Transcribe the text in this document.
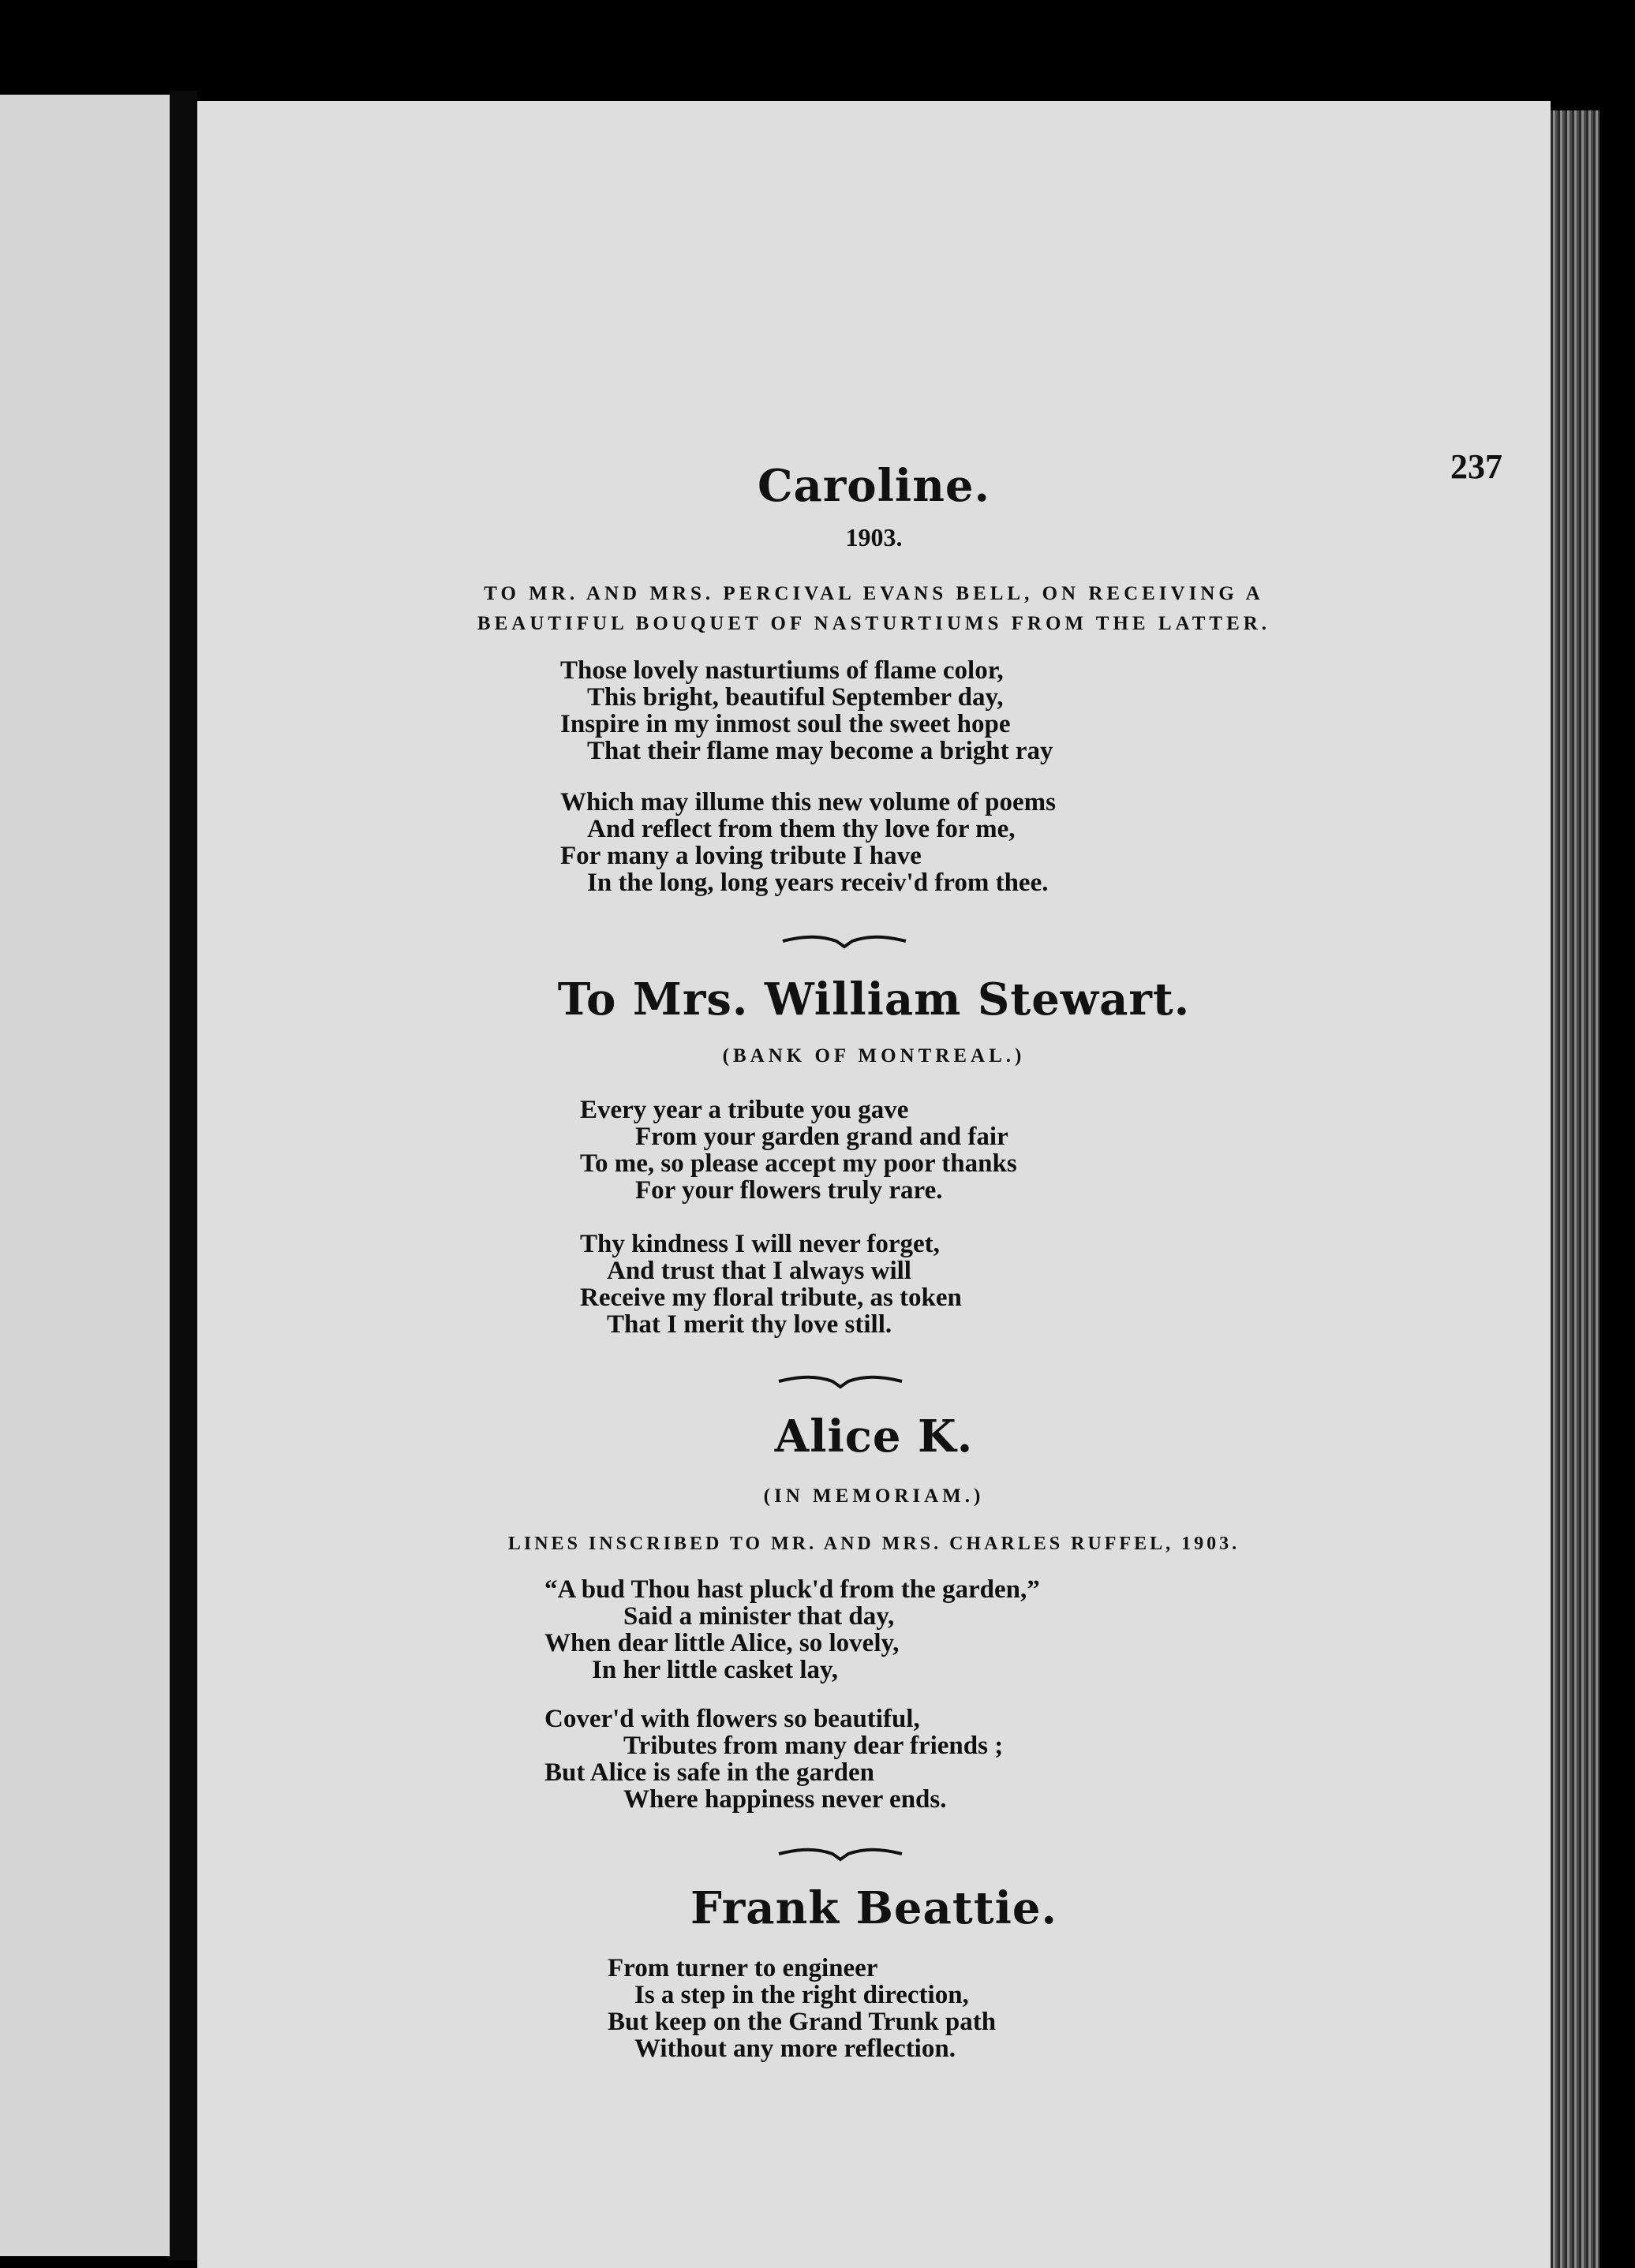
237
Caroline.
1903.
TO MR. AND MRS. PERCIVAL EVANS BELL, ON RECEIVING A
BEAUTIFUL BOUQUET OF NASTURTIUMS FROM THE LATTER.
Those lovely nasturtiums of flame color,
This bright, beautiful September day,
Inspire in my inmost soul the sweet hope
That their flame may become a bright ray
Which may illume this new volume of poems
And reflect from them thy love for me,
For many a loving tribute I have
In the long, long years receiv'd from thee.
To Mrs. William Stewart.
(BANK OF MONTREAL.)
Every year a tribute you gave
From your garden grand and fair
To me, so please accept my poor thanks
For your flowers truly rare.
Thy kindness I will never forget,
And trust that I always will
Receive my floral tribute, as token
That I merit thy love still.
Alice K.
(IN MEMORIAM.)
LINES INSCRIBED TO MR. AND MRS. CHARLES RUFFEL, 1903.
“A bud Thou hast pluck'd from the garden,”
Said a minister that day,
When dear little Alice, so lovely,
In her little casket lay,
Cover'd with flowers so beautiful,
Tributes from many dear friends ;
But Alice is safe in the garden
Where happiness never ends.
Frank Beattie.
From turner to engineer
Is a step in the right direction,
But keep on the Grand Trunk path
Without any more reflection.
